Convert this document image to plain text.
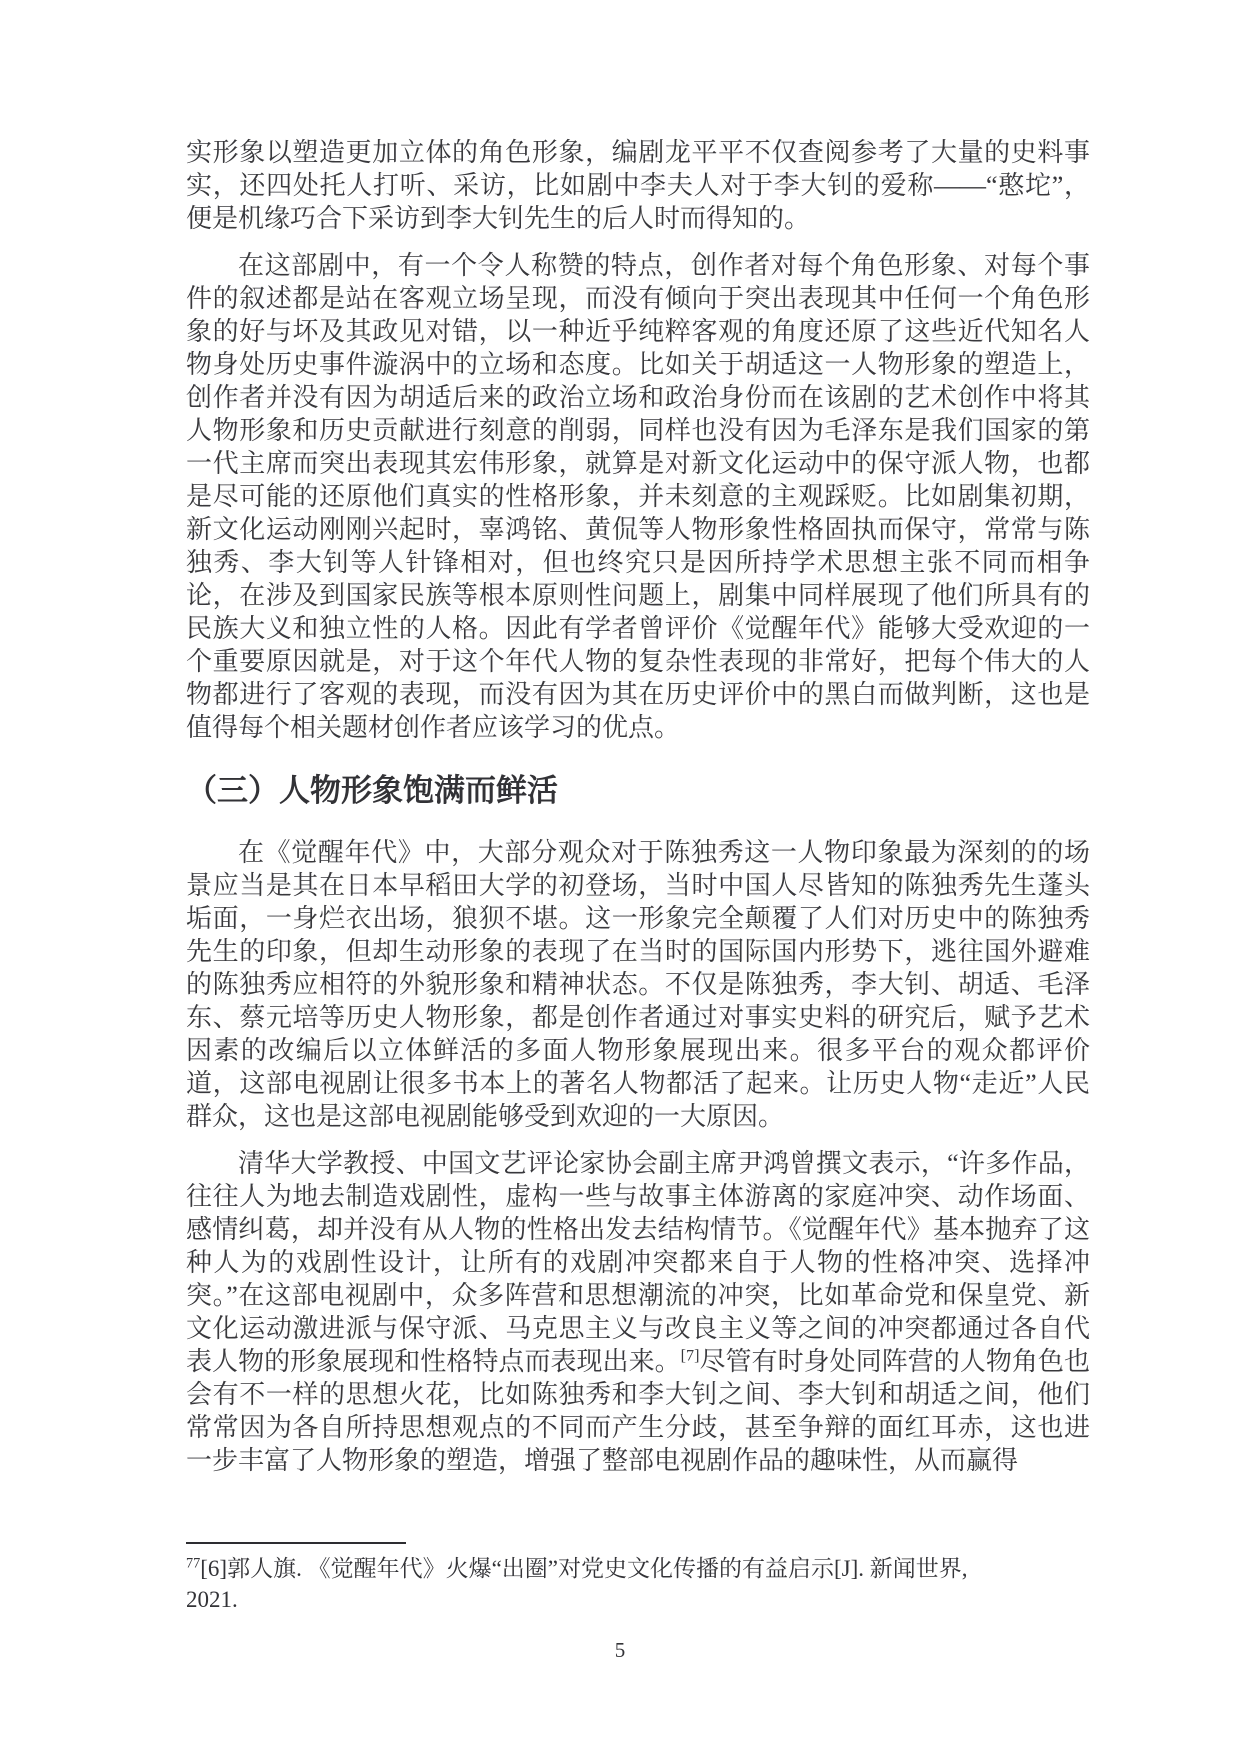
实形象以塑造更加立体的角色形象，编剧龙平平不仅查阅参考了大量的史料事实，还四处托人打听、采访，比如剧中李夫人对于李大钊的爱称——“憨坨”，便是机缘巧合下采访到李大钊先生的后人时而得知的。

在这部剧中，有一个令人称赞的特点，创作者对每个角色形象、对每个事件的叙述都是站在客观立场呈现，而没有倾向于突出表现其中任何一个角色形象的好与坏及其政见对错，以一种近乎纯粹客观的角度还原了这些近代知名人物身处历史事件漩涡中的立场和态度。比如关于胡适这一人物形象的塑造上，创作者并没有因为胡适后来的政治立场和政治身份而在该剧的艺术创作中将其人物形象和历史贡献进行刻意的削弱，同样也没有因为毛泽东是我们国家的第一代主席而突出表现其宏伟形象，就算是对新文化运动中的保守派人物，也都是尽可能的还原他们真实的性格形象，并未刻意的主观踩贬。比如剧集初期，新文化运动刚刚兴起时，辜鸿铭、黄侃等人物形象性格固执而保守，常常与陈独秀、李大钊等人针锋相对，但也终究只是因所持学术思想主张不同而相争论，在涉及到国家民族等根本原则性问题上，剧集中同样展现了他们所具有的民族大义和独立性的人格。因此有学者曾评价《觉醒年代》能够大受欢迎的一个重要原因就是，对于这个年代人物的复杂性表现的非常好，把每个伟大的人物都进行了客观的表现，而没有因为其在历史评价中的黑白而做判断，这也是值得每个相关题材创作者应该学习的优点。

（三）人物形象饱满而鲜活

在《觉醒年代》中，大部分观众对于陈独秀这一人物印象最为深刻的的场景应当是其在日本早稻田大学的初登场，当时中国人尽皆知的陈独秀先生蓬头垢面，一身烂衣出场，狼狈不堪。这一形象完全颠覆了人们对历史中的陈独秀先生的印象，但却生动形象的表现了在当时的国际国内形势下，逃往国外避难的陈独秀应相符的外貌形象和精神状态。不仅是陈独秀，李大钊、胡适、毛泽东、蔡元培等历史人物形象，都是创作者通过对事实史料的研究后，赋予艺术因素的改编后以立体鲜活的多面人物形象展现出来。很多平台的观众都评价道，这部电视剧让很多书本上的著名人物都活了起来。让历史人物“走近”人民群众，这也是这部电视剧能够受到欢迎的一大原因。

清华大学教授、中国文艺评论家协会副主席尹鸿曾撰文表示，“许多作品，往往人为地去制造戏剧性，虚构一些与故事主体游离的家庭冲突、动作场面、感情纠葛，却并没有从人物的性格出发去结构情节。《觉醒年代》基本抛弃了这种人为的戏剧性设计，让所有的戏剧冲突都来自于人物的性格冲突、选择冲突。”在这部电视剧中，众多阵营和思想潮流的冲突，比如革命党和保皇党、新文化运动激进派与保守派、马克思主义与改良主义等之间的冲突都通过各自代表人物的形象展现和性格特点而表现出来。[7]尽管有时身处同阵营的人物角色也会有不一样的思想火花，比如陈独秀和李大钊之间、李大钊和胡适之间，他们常常因为各自所持思想观点的不同而产生分歧，甚至争辩的面红耳赤，这也进一步丰富了人物形象的塑造，增强了整部电视剧作品的趣味性，从而赢得

$^{77}$[6]郭人旗. 《觉醒年代》火爆“出圈”对党史文化传播的有益启示[J]. 新闻世界,
2021.

5
